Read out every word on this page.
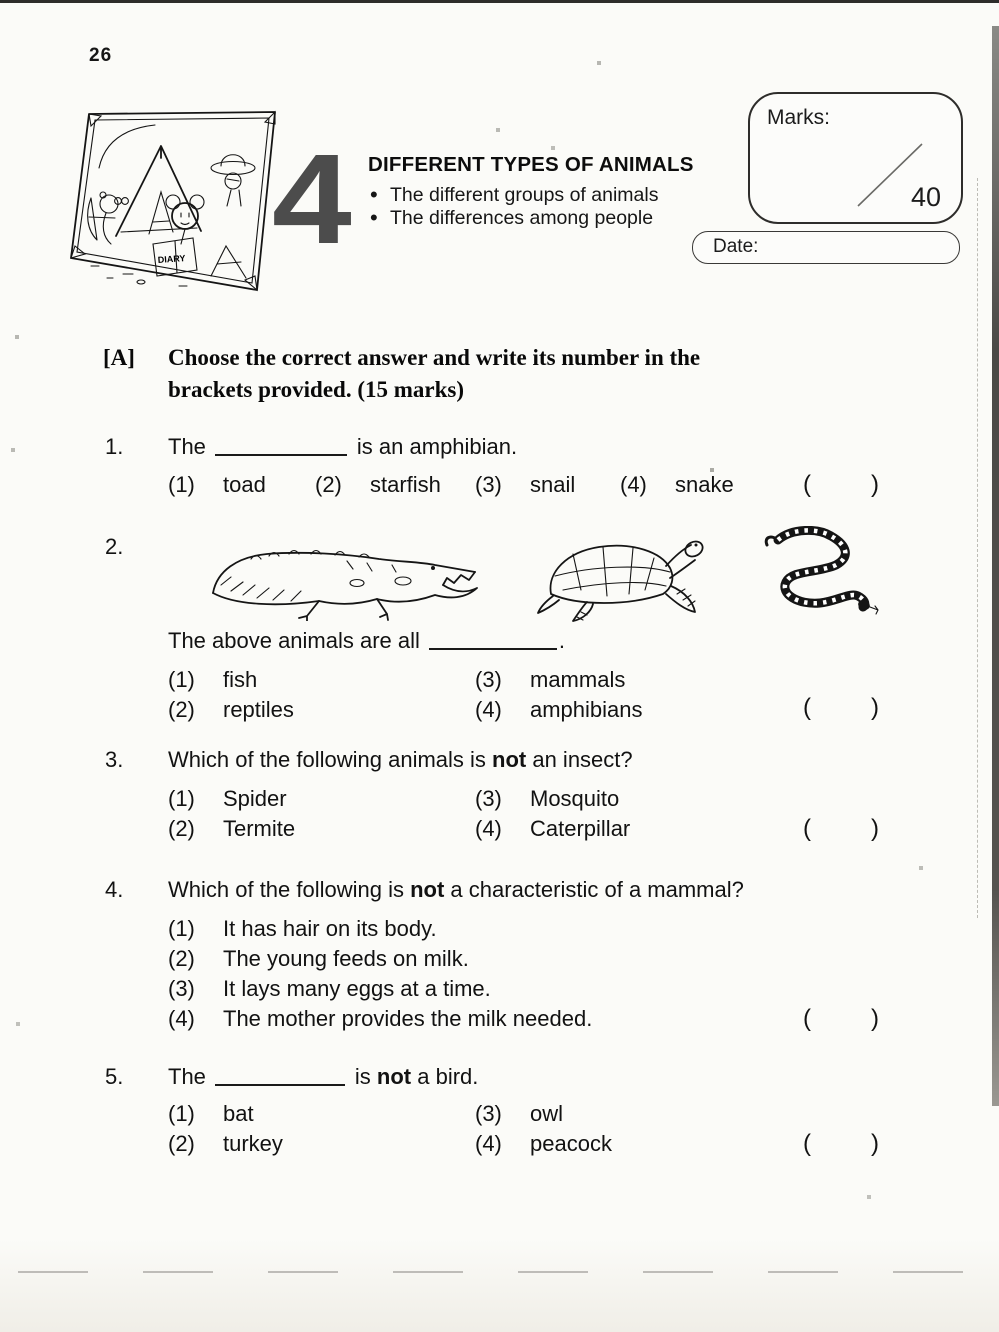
26
DIARY 4 DIFFERENT TYPES OF ANIMALS
• The different groups of animals
• The differences among people
Marks:
40
Date:
[A] Choose the correct answer and write its number in the
brackets provided. (15 marks)
1. The	is an amphibian.
(1)	toad (2)	starfish (3)	snail (4)	snake	(	)
2.
The above animals are all	.
(1)	fish	(3)	mammals
(2)	reptiles	(4)	amphibians	(	)
3. Which of the following animals is not an insect?
(1)	Spider	(3)	Mosquito
(2)	Termite	(4)	Caterpillar	(	)
4. Which of the following is not a characteristic of a mammal?
(1)	It has hair on its body.
(2)	The young feeds on milk.
(3)	It lays many eggs at a time.
(4)	The mother provides the milk needed.	(	)
5. The	is not a bird.
(1)	bat	(3)	owl
(2)	turkey	(4)	peacock	(	)
